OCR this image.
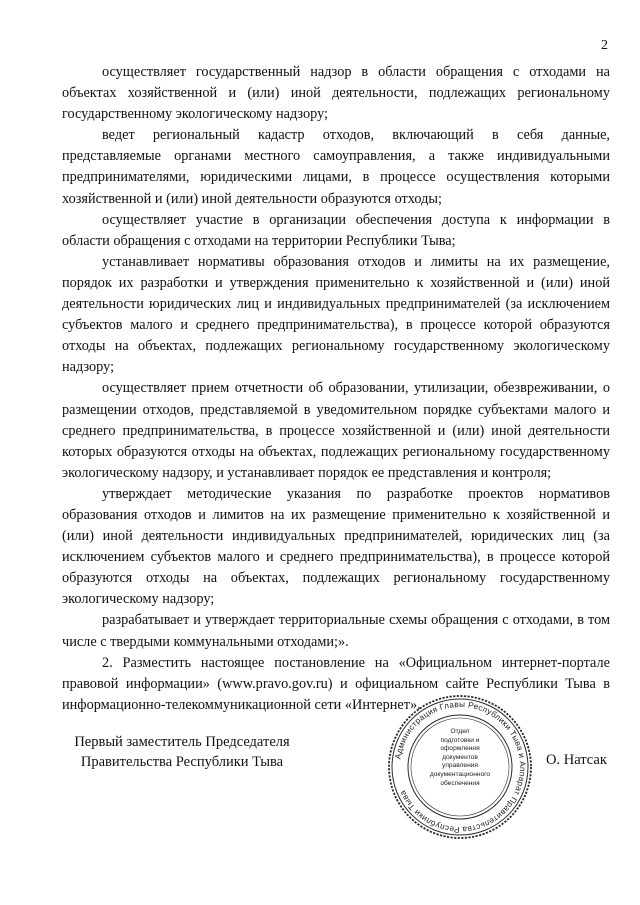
2

осуществляет государственный надзор в области обращения с отходами на объектах хозяйственной и (или) иной деятельности, подлежащих региональному государственному экологическому надзору;

ведет региональный кадастр отходов, включающий в себя данные, представляемые органами местного самоуправления, а также индивидуальными предпринимателями, юридическими лицами, в процессе осуществления которыми хозяйственной и (или) иной деятельности образуются отходы;

осуществляет участие в организации обеспечения доступа к информации в области обращения с отходами на территории Республики Тыва;

устанавливает нормативы образования отходов и лимиты на их размещение, порядок их разработки и утверждения применительно к хозяйственной и (или) иной деятельности юридических лиц и индивидуальных предпринимателей (за исключением субъектов малого и среднего предпринимательства), в процессе которой образуются отходы на объектах, подлежащих региональному государственному экологическому надзору;

осуществляет прием отчетности об образовании, утилизации, обезвреживании, о размещении отходов, представляемой в уведомительном порядке субъектами малого и среднего предпринимательства, в процессе хозяйственной и (или) иной деятельности которых образуются отходы на объектах, подлежащих региональному государственному экологическому надзору, и устанавливает порядок ее представления и контроля;

утверждает методические указания по разработке проектов нормативов образования отходов и лимитов на их размещение применительно к хозяйственной и (или) иной деятельности индивидуальных предпринимателей, юридических лиц (за исключением субъектов малого и среднего предпринимательства), в процессе которой образуются отходы на объектах, подлежащих региональному государственному экологическому надзору;

разрабатывает и утверждает территориальные схемы обращения с отходами, в том числе с твердыми коммунальными отходами;».

2. Разместить настоящее постановление на «Официальном интернет-портале правовой информации» (www.pravo.gov.ru) и официальном сайте Республики Тыва в информационно-телекоммуникационной сети «Интернет».

Первый заместитель Председателя
Правительства Республики Тыва	Администрация Главы Республики Тыва и Аппарат Правительства Республики Тыва
Отдел
подготовки и
оформления документов
управления
документационного
обеспечения
О. Натсак
